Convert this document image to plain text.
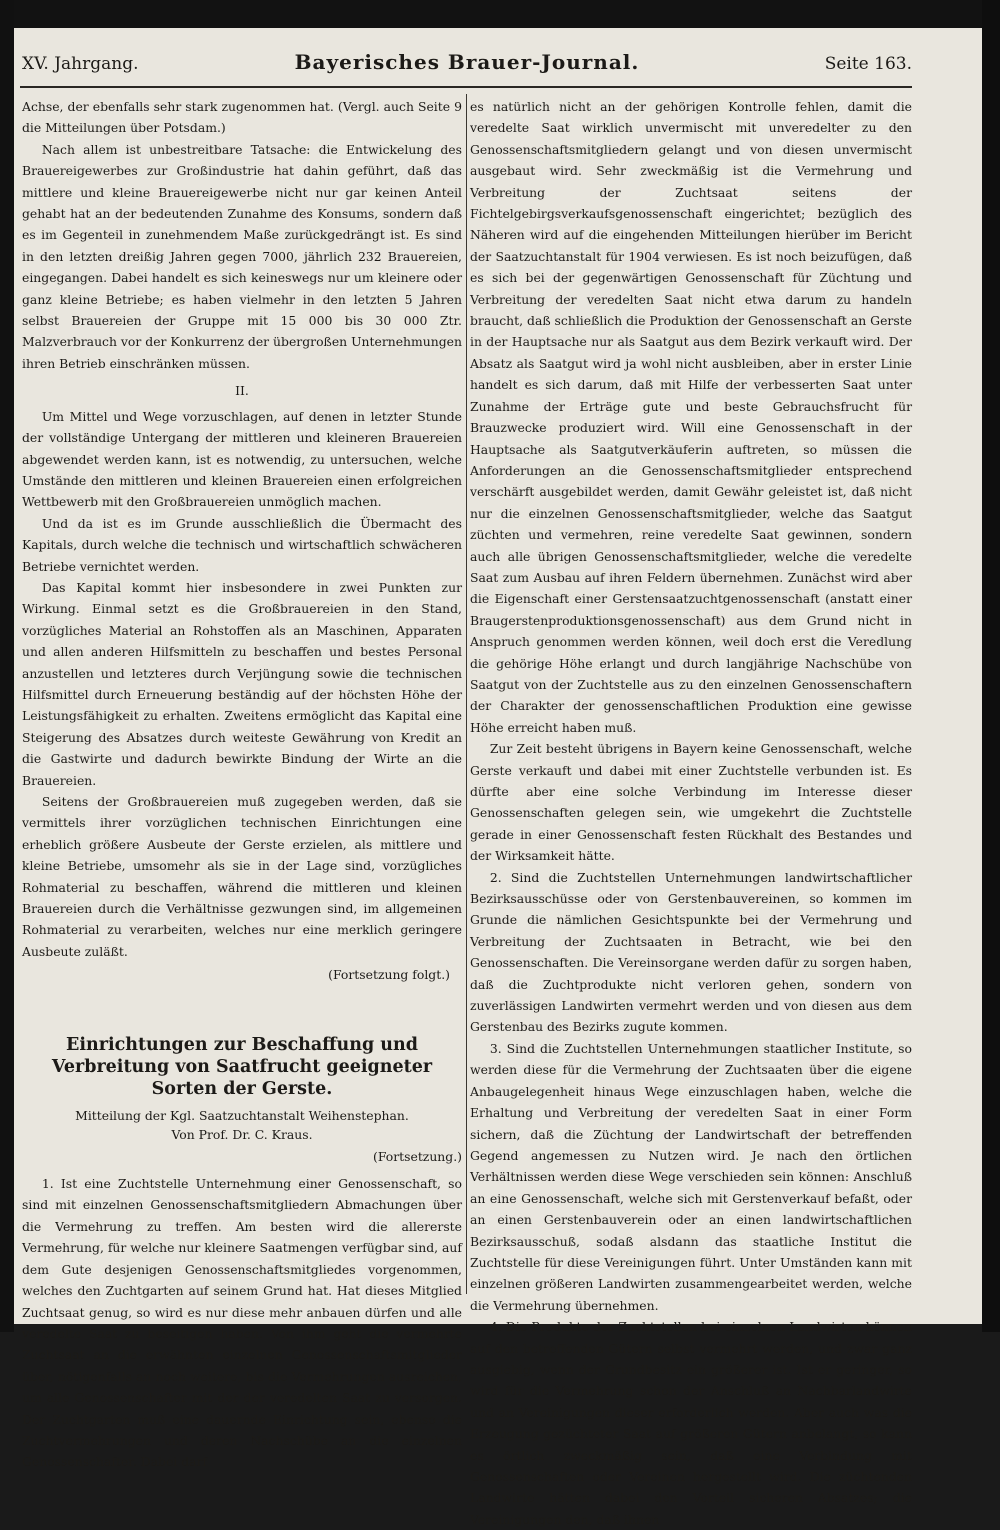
XV. Jahrgang.	Bayerisches Brauer-Journal.	Seite 163.

Achse, der ebenfalls sehr stark zugenommen hat. (Vergl. auch Seite 9 die Mitteilungen über Potsdam.)

Nach allem ist unbestreitbare Tatsache: die Entwickelung des Brauereigewerbes zur Großindustrie hat dahin geführt, daß das mittlere und kleine Brauereigewerbe nicht nur gar keinen Anteil gehabt hat an der bedeutenden Zunahme des Konsums, sondern daß es im Gegenteil in zunehmendem Maße zurückgedrängt ist. Es sind in den letzten dreißig Jahren gegen 7000, jährlich 232 Brauereien, eingegangen. Dabei handelt es sich keineswegs nur um kleinere oder ganz kleine Betriebe; es haben vielmehr in den letzten 5 Jahren selbst Brauereien der Gruppe mit 15 000 bis 30 000 Ztr. Malzverbrauch vor der Konkurrenz der übergroßen Unternehmungen ihren Betrieb einschränken müssen.

II.

Um Mittel und Wege vorzuschlagen, auf denen in letzter Stunde der vollständige Untergang der mittleren und kleineren Brauereien abgewendet werden kann, ist es notwendig, zu untersuchen, welche Umstände den mittleren und kleinen Brauereien einen erfolgreichen Wettbewerb mit den Großbrauereien unmöglich machen.

Und da ist es im Grunde ausschließlich die Übermacht des Kapitals, durch welche die technisch und wirtschaftlich schwächeren Betriebe vernichtet werden.

Das Kapital kommt hier insbesondere in zwei Punkten zur Wirkung. Einmal setzt es die Großbrauereien in den Stand, vorzügliches Material an Rohstoffen als an Maschinen, Apparaten und allen anderen Hilfsmitteln zu beschaffen und bestes Personal anzustellen und letzteres durch Verjüngung sowie die technischen Hilfsmittel durch Erneuerung beständig auf der höchsten Höhe der Leistungsfähigkeit zu erhalten. Zweitens ermöglicht das Kapital eine Steigerung des Absatzes durch weiteste Gewährung von Kredit an die Gastwirte und dadurch bewirkte Bindung der Wirte an die Brauereien.

Seitens der Großbrauereien muß zugegeben werden, daß sie vermittels ihrer vorzüglichen technischen Einrichtungen eine erheblich größere Ausbeute der Gerste erzielen, als mittlere und kleine Betriebe, umsomehr als sie in der Lage sind, vorzügliches Rohmaterial zu beschaffen, während die mittleren und kleinen Brauereien durch die Verhältnisse gezwungen sind, im allgemeinen Rohmaterial zu verarbeiten, welches nur eine merklich geringere Ausbeute zuläßt.

(Fortsetzung folgt.)

Einrichtungen zur Beschaffung und Verbreitung von Saatfrucht geeigneter Sorten der Gerste.
Mitteilung der Kgl. Saatzuchtanstalt Weihenstephan.
Von Prof. Dr. C. Kraus.
(Fortsetzung.)

1. Ist eine Zuchtstelle Unternehmung einer Genossenschaft, so sind mit einzelnen Genossenschaftsmitgliedern Abmachungen über die Vermehrung zu treffen. Am besten wird die allererste Vermehrung, für welche nur kleinere Saatmengen verfügbar sind, auf dem Gute desjenigen Genossenschaftsmitgliedes vorgenommen, welches den Zuchtgarten auf seinem Grund hat. Hat dieses Mitglied Zuchtsaat genug, so wird es nur diese mehr anbauen dürfen und alle veredelte Saat zu beseitigen haben. Von ihm geht die vermehrte Zuchtsaat an die erwähnten einzelnen Genossenschaftsmitglieder über, nötigenfalls an noch weitere, bis die Vermehrungen ausreichen, um alle Genossenschafter mit der der veredelten Saat zu versorgen. Der Zuchtgarten muß eine dauernde Einrichtung sein, ebenso die Zuchtvermehrungen und deren Nachschübe an die einzelnen Genossenschafter. Dabei darf

es natürlich nicht an der gehörigen Kontrolle fehlen, damit die veredelte Saat wirklich unvermischt mit unveredelter zu den Genossenschaftsmitgliedern gelangt und von diesen unvermischt ausgebaut wird. Sehr zweckmäßig ist die Vermehrung und Verbreitung der Zuchtsaat seitens der Fichtelgebirgsverkaufsgenossenschaft eingerichtet; bezüglich des Näheren wird auf die eingehenden Mitteilungen hierüber im Bericht der Saatzuchtanstalt für 1904 verwiesen. Es ist noch beizufügen, daß es sich bei der gegenwärtigen Genossenschaft für Züchtung und Verbreitung der veredelten Saat nicht etwa darum zu handeln braucht, daß schließlich die Produktion der Genossenschaft an Gerste in der Hauptsache nur als Saatgut aus dem Bezirk verkauft wird. Der Absatz als Saatgut wird ja wohl nicht ausbleiben, aber in erster Linie handelt es sich darum, daß mit Hilfe der verbesserten Saat unter Zunahme der Erträge gute und beste Gebrauchsfrucht für Brauzwecke produziert wird. Will eine Genossenschaft in der Hauptsache als Saatgutverkäuferin auftreten, so müssen die Anforderungen an die Genossenschaftsmitglieder entsprechend verschärft ausgebildet werden, damit Gewähr geleistet ist, daß nicht nur die einzelnen Genossenschaftsmitglieder, welche das Saatgut züchten und vermehren, reine veredelte Saat gewinnen, sondern auch alle übrigen Genossenschaftsmitglieder, welche die veredelte Saat zum Ausbau auf ihren Feldern übernehmen. Zunächst wird aber die Eigenschaft einer Gerstensaatzuchtgenossenschaft (anstatt einer Braugerstenproduktionsgenossenschaft) aus dem Grund nicht in Anspruch genommen werden können, weil doch erst die Veredlung die gehörige Höhe erlangt und durch langjährige Nachschübe von Saatgut von der Zuchtstelle aus zu den einzelnen Genossenschaftern der Charakter der genossenschaftlichen Produktion eine gewisse Höhe erreicht haben muß.

Zur Zeit besteht übrigens in Bayern keine Genossenschaft, welche Gerste verkauft und dabei mit einer Zuchtstelle verbunden ist. Es dürfte aber eine solche Verbindung im Interesse dieser Genossenschaften gelegen sein, wie umgekehrt die Zuchtstelle gerade in einer Genossenschaft festen Rückhalt des Bestandes und der Wirksamkeit hätte.

2. Sind die Zuchtstellen Unternehmungen landwirtschaftlicher Bezirksausschüsse oder von Gerstenbauvereinen, so kommen im Grunde die nämlichen Gesichtspunkte bei der Vermehrung und Verbreitung der Zuchtsaaten in Betracht, wie bei den Genossenschaften. Die Vereinsorgane werden dafür zu sorgen haben, daß die Zuchtprodukte nicht verloren gehen, sondern von zuverlässigen Landwirten vermehrt werden und von diesen aus dem Gerstenbau des Bezirks zugute kommen.

3. Sind die Zuchtstellen Unternehmungen staatlicher Institute, so werden diese für die Vermehrung der Zuchtsaaten über die eigene Anbaugelegenheit hinaus Wege einzuschlagen haben, welche die Erhaltung und Verbreitung der veredelten Saat in einer Form sichern, daß die Züchtung der Landwirtschaft der betreffenden Gegend angemessen zu Nutzen wird. Je nach den örtlichen Verhältnissen werden diese Wege verschieden sein können: Anschluß an eine Genossenschaft, welche sich mit Gerstenverkauf befaßt, oder an einen Gerstenbauverein oder an einen landwirtschaftlichen Bezirksausschuß, sodaß alsdann das staatliche Institut die Zuchtstelle für diese Vereinigungen führt. Unter Umständen kann mit einzelnen größeren Landwirten zusammengearbeitet werden, welche die Vermehrung übernehmen.

4. Die Produkte der Zuchtstellen bei einzelnen Landwirten können auf den betreffenden Gütern selbst vermehrt werden, und zwar ganz ausgiebig, wenn der Grundbesitz ein größerer ist. Ist er geringer, so wird für die Vermehrung schon der Anschluß an Nachbarlandwirte und an Vereinigungen dieser erforderlich werden. Aber auch was die Erzeugung gezüchteter Saat auf größeren Gütern anbelangt, so kann es örtlich zweckmäßig sein, daß eine Verbindung mit Genossenschaften oder Vereinen hergestellt wird. Die züchtenden Landwirte hätten dabei den Vorteil sicheren Absatzes; die Vereinigungen den, daß ihnen
